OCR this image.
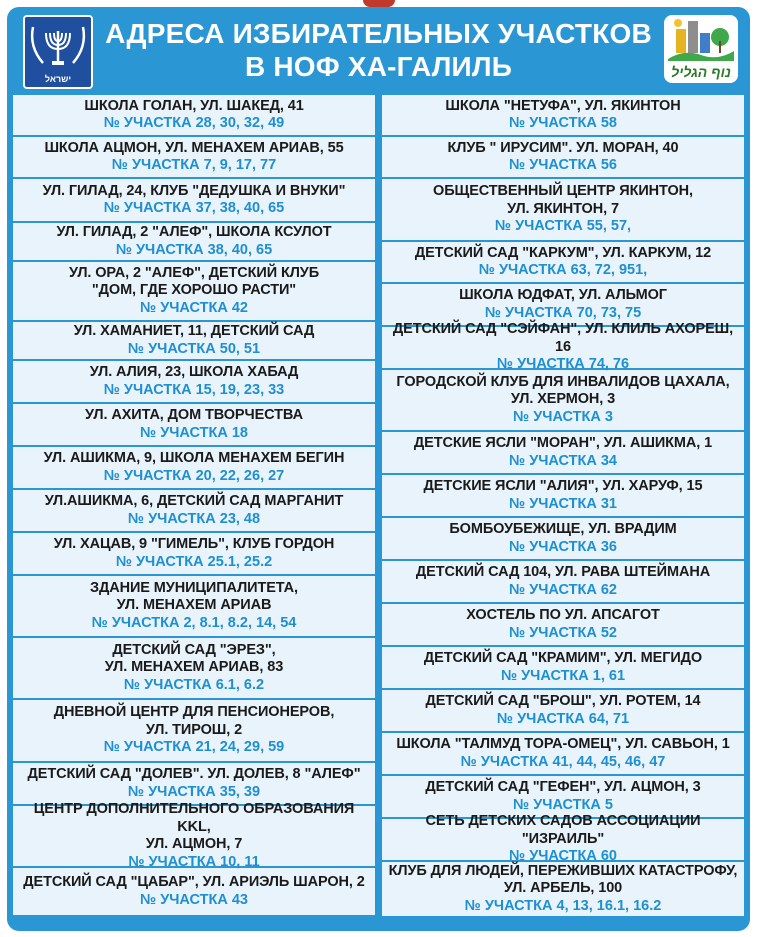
ישראל
АДРЕСА ИЗБИРАТЕЛЬНЫХ УЧАСТКОВ
В НОФ ХА-ГАЛИЛЬ	נוף הגליל
ШКОЛА ГОЛАН, УЛ. ШАКЕД, 41
№ УЧАСТКА 28, 30, 32, 49
ШКОЛА АЦМОН, УЛ. МЕНАХЕМ АРИАВ, 55
№ УЧАСТКА 7, 9, 17, 77
УЛ. ГИЛАД, 24, КЛУБ "ДЕДУШКА И ВНУКИ"
№ УЧАСТКА 37, 38, 40, 65
УЛ. ГИЛАД, 2 "АЛЕФ", ШКОЛА КСУЛОТ
№ УЧАСТКА 38, 40, 65
УЛ. ОРА, 2 "АЛЕФ", ДЕТСКИЙ КЛУБ
"ДОМ, ГДЕ ХОРОШО РАСТИ"
№ УЧАСТКА 42
УЛ. ХАМАНИЕТ, 11, ДЕТСКИЙ САД
№ УЧАСТКА 50, 51
УЛ. АЛИЯ, 23, ШКОЛА ХАБАД
№ УЧАСТКА 15, 19, 23, 33
УЛ. АХИТА, ДОМ ТВОРЧЕСТВА
№ УЧАСТКА 18
УЛ. АШИКМА, 9, ШКОЛА МЕНАХЕМ БЕГИН
№ УЧАСТКА 20, 22, 26, 27
УЛ.АШИКМА, 6, ДЕТСКИЙ САД МАРГАНИТ
№ УЧАСТКА 23, 48
УЛ. ХАЦАВ, 9 "ГИМЕЛЬ", КЛУБ ГОРДОН
№ УЧАСТКА 25.1, 25.2
ЗДАНИЕ МУНИЦИПАЛИТЕТА,
УЛ. МЕНАХЕМ АРИАВ
№ УЧАСТКА 2, 8.1, 8.2, 14, 54
ДЕТСКИЙ САД "ЭРЕЗ",
УЛ. МЕНАХЕМ АРИАВ, 83
№ УЧАСТКА 6.1, 6.2
ДНЕВНОЙ ЦЕНТР ДЛЯ ПЕНСИОНЕРОВ,
УЛ. ТИРОШ, 2
№ УЧАСТКА 21, 24, 29, 59
ДЕТСКИЙ САД "ДОЛЕВ". УЛ. ДОЛЕВ, 8 "АЛЕФ"
№ УЧАСТКА 35, 39
ЦЕНТР ДОПОЛНИТЕЛЬНОГО ОБРАЗОВАНИЯ KKL,
УЛ. АЦМОН, 7
№ УЧАСТКА 10, 11
ДЕТСКИЙ САД "ЦАБАР", УЛ. АРИЭЛЬ ШАРОН, 2
№ УЧАСТКА 43
ШКОЛА "НЕТУФА", УЛ. ЯКИНТОН
№ УЧАСТКА 58
КЛУБ " ИРУСИМ". УЛ. МОРАН, 40
№ УЧАСТКА 56
ОБЩЕСТВЕННЫЙ ЦЕНТР ЯКИНТОН,
УЛ. ЯКИНТОН, 7
№ УЧАСТКА 55, 57,
ДЕТСКИЙ САД "КАРКУМ", УЛ. КАРКУМ, 12
№ УЧАСТКА 63, 72, 951,
ШКОЛА ЮДФАТ, УЛ. АЛЬМОГ
№ УЧАСТКА 70, 73, 75
ДЕТСКИЙ САД "СЭЙФАН", УЛ. КЛИЛЬ АХОРЕШ, 16
№ УЧАСТКА 74, 76
ГОРОДСКОЙ КЛУБ ДЛЯ ИНВАЛИДОВ ЦАХАЛА,
УЛ. ХЕРМОН, 3
№ УЧАСТКА 3
ДЕТСКИЕ ЯСЛИ "МОРАН", УЛ. АШИКМА, 1
№ УЧАСТКА 34
ДЕТСКИЕ ЯСЛИ "АЛИЯ", УЛ. ХАРУФ, 15
№ УЧАСТКА 31
БОМБОУБЕЖИЩЕ, УЛ. ВРАДИМ
№ УЧАСТКА 36
ДЕТСКИЙ САД 104, УЛ. РАВА ШТЕЙМАНА
№ УЧАСТКА 62
ХОСТЕЛЬ ПО УЛ. АПСАГОТ
№ УЧАСТКА 52
ДЕТСКИЙ САД "КРАМИМ", УЛ. МЕГИДО
№ УЧАСТКА 1, 61
ДЕТСКИЙ САД "БРОШ", УЛ. РОТЕМ, 14
№ УЧАСТКА 64, 71
ШКОЛА "ТАЛМУД ТОРА-ОМЕЦ", УЛ. САВЬОН, 1
№ УЧАСТКА 41, 44, 45, 46, 47
ДЕТСКИЙ САД "ГЕФЕН", УЛ. АЦМОН, 3
№ УЧАСТКА 5
СЕТЬ ДЕТСКИХ САДОВ АССОЦИАЦИИ "ИЗРАИЛЬ"
№ УЧАСТКА 60
КЛУБ ДЛЯ ЛЮДЕЙ, ПЕРЕЖИВШИХ КАТАСТРОФУ,
УЛ. АРБЕЛЬ, 100
№ УЧАСТКА 4, 13, 16.1, 16.2
